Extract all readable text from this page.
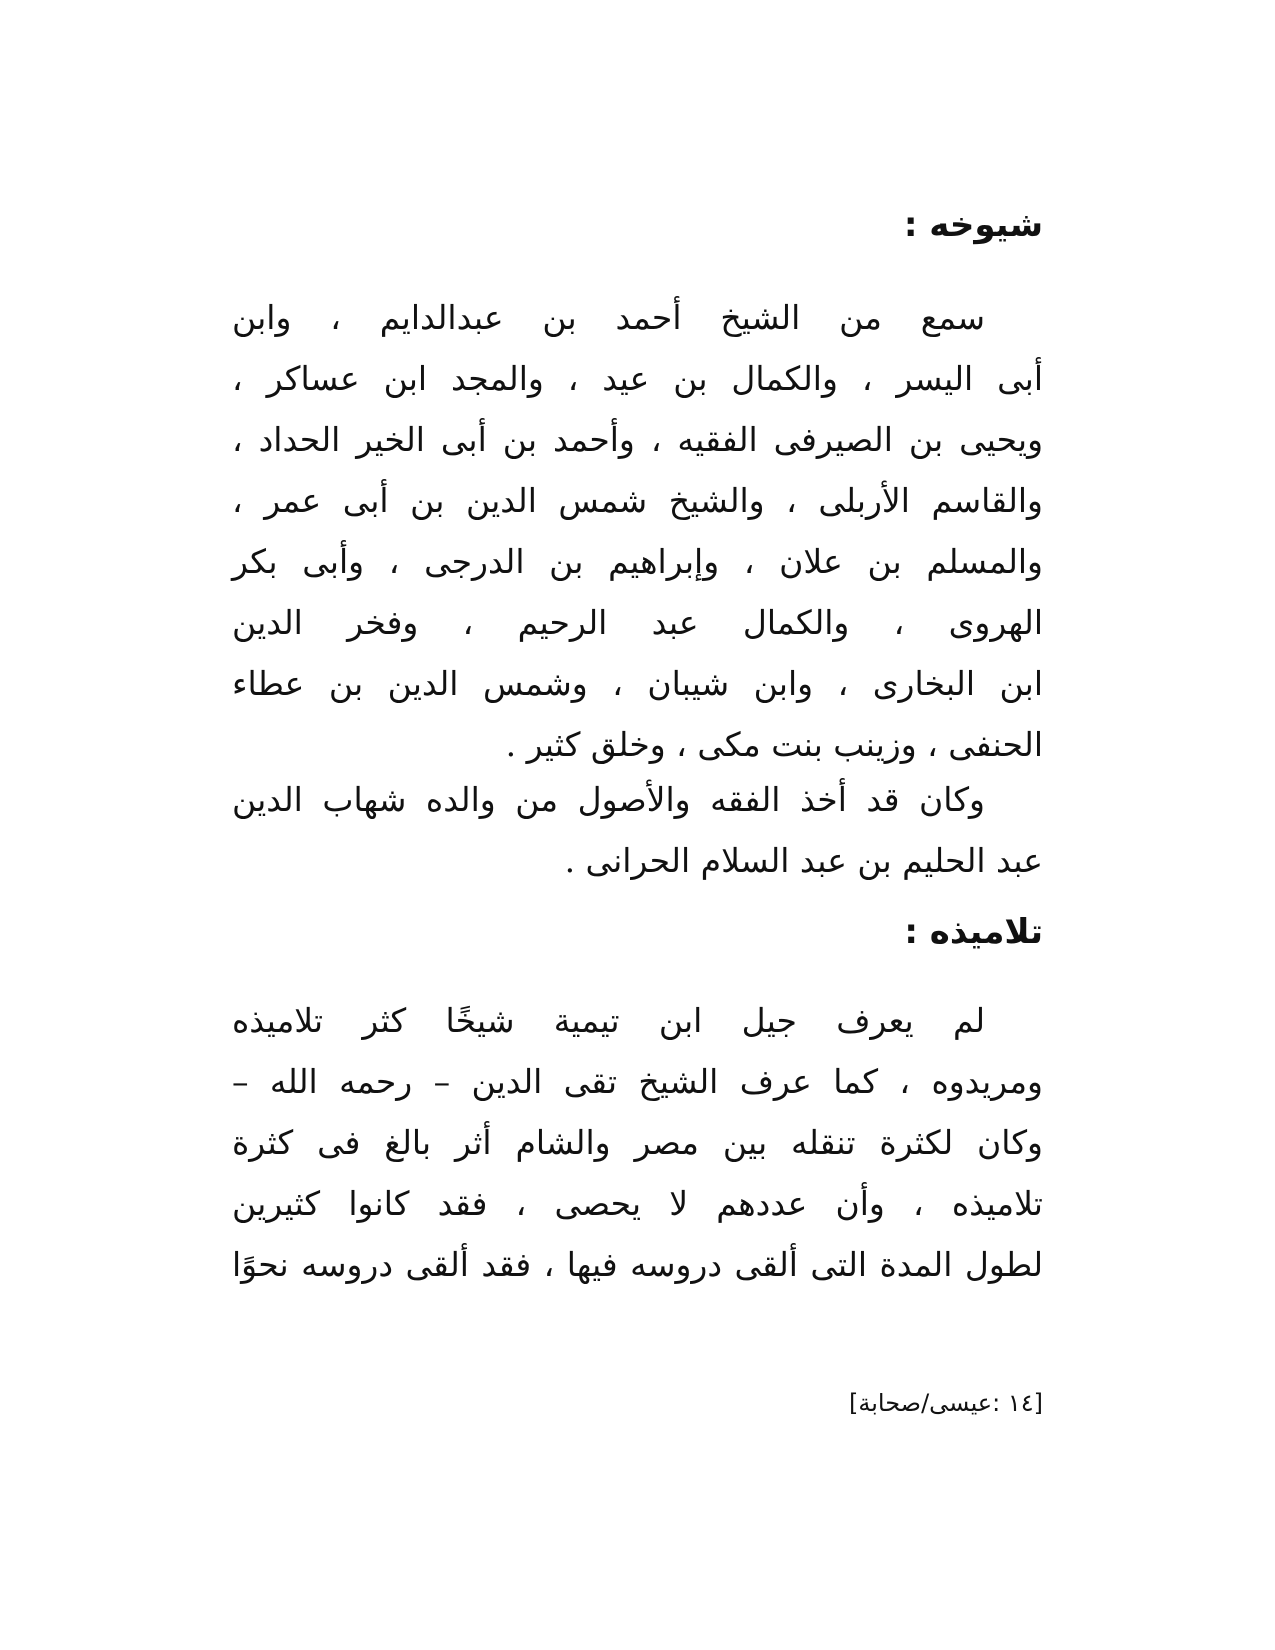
شيوخه :
سمع من الشيخ أحمد بن عبدالدايم ، وابن
أبى اليسر ، والكمال بن عيد ، والمجد ابن عساكر ،
ويحيى بن الصيرفى الفقيه ، وأحمد بن أبى الخير الحداد ،
والقاسم الأربلى ، والشيخ شمس الدين بن أبى عمر ،
والمسلم بن علان ، وإبراهيم بن الدرجى ، وأبى بكر
الهروى ، والكمال عبد الرحيم ، وفخر الدين
ابن البخارى ، وابن شيبان ، وشمس الدين بن عطاء
الحنفى ، وزينب بنت مكى ، وخلق كثير .
وكان قد أخذ الفقه والأصول من والده شهاب الدين
عبد الحليم بن عبد السلام الحرانى .
تلاميذه :
لم يعرف جيل ابن تيمية شيخًا كثر تلاميذه
ومريدوه ، كما عرف الشيخ تقى الدين – رحمه الله –
وكان لكثرة تنقله بين مصر والشام أثر بالغ فى كثرة
تلاميذه ، وأن عددهم لا يحصى ، فقد كانوا كثيرين
لطول المدة التى ألقى دروسه فيها ، فقد ألقى دروسه نحوًا
[١٤ :عيسى/صحابة]
